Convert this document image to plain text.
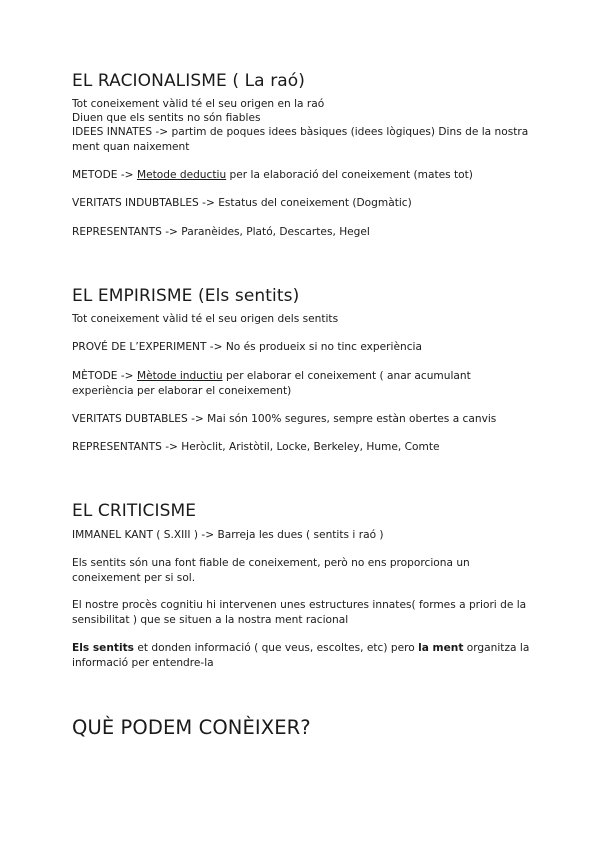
EL RACIONALISME ( La raó)

Tot coneixement vàlid té el seu origen en la raó

Diuen que els sentits no són fiables

IDEES INNATES -> partim de poques idees bàsiques (idees lògiques) Dins de la nostra ment quan naixement

METODE -> Metode deductiu per la elaboració del coneixement (mates tot)

VERITATS INDUBTABLES -> Estatus del coneixement (Dogmàtic)

REPRESENTANTS -> Paranèides, Plató, Descartes, Hegel

EL EMPIRISME (Els sentits)

Tot coneixement vàlid té el seu origen dels sentits

PROVÉ DE L’EXPERIMENT -> No és produeix si no tinc experiència

MÈTODE -> Mètode inductiu per elaborar el coneixement ( anar acumulant experiència per elaborar el coneixement)

VERITATS DUBTABLES -> Mai són 100% segures, sempre estàn obertes a canvis

REPRESENTANTS -> Heròclit, Aristòtil, Locke, Berkeley, Hume, Comte

EL CRITICISME

IMMANEL KANT ( S.XIII ) -> Barreja les dues ( sentits i raó )

Els sentits són una font fiable de coneixement, però no ens proporciona un coneixement per si sol.

El nostre procès cognitiu hi intervenen unes estructures innates( formes a priori de la sensibilitat ) que se situen a la nostra ment racional

Els sentits et donden informació ( que veus, escoltes, etc) pero la ment organitza la informació per entendre-la

QUÈ PODEM CONÈIXER?
